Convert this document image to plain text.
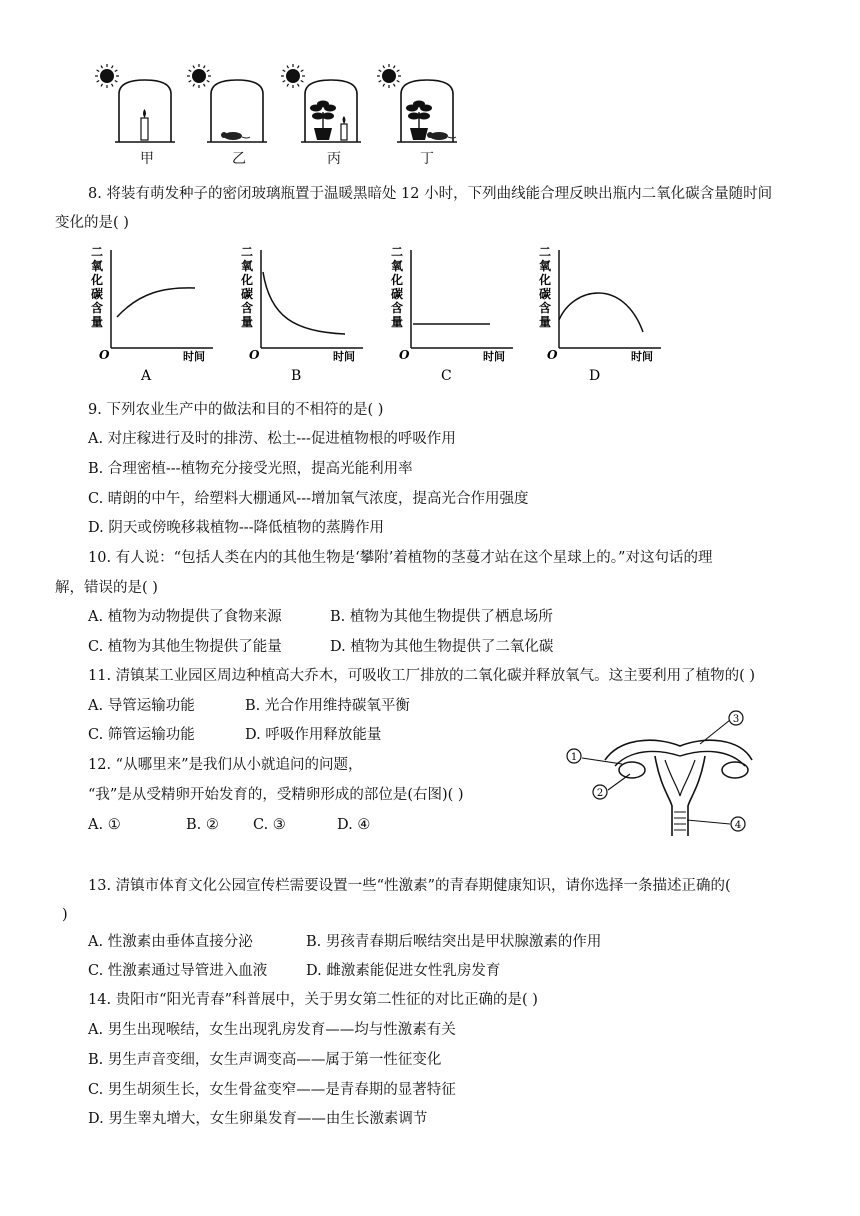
甲	乙	丙	丁
8. 将装有萌发种子的密闭玻璃瓶置于温暖黑暗处 12 小时，下列曲线能合理反映出瓶内二氧化碳含量随时间
变化的是( )
二
氧
化
碳
含
量
O	时间
A
二
氧
化
碳
含
量
O	时间
B
二
氧
化
碳
含
量
O	时间
C
二
氧
化
碳
含
量
O	时间
D
9. 下列农业生产中的做法和目的不相符的是( )
A. 对庄稼进行及时的排涝、松土---促进植物根的呼吸作用
B. 合理密植---植物充分接受光照，提高光能利用率
C. 晴朗的中午，给塑料大棚通风---增加氧气浓度，提高光合作用强度
D. 阴天或傍晚移栽植物---降低植物的蒸腾作用
10. 有人说：“包括人类在内的其他生物是‘攀附’着植物的茎蔓才站在这个星球上的。”对这句话的理
解，错误的是( )
A. 植物为动物提供了食物来源	B. 植物为其他生物提供了栖息场所
C. 植物为其他生物提供了能量	D. 植物为其他生物提供了二氧化碳
11. 清镇某工业园区周边种植高大乔木，可吸收工厂排放的二氧化碳并释放氧气。这主要利用了植物的( )
A. 导管运输功能	B. 光合作用维持碳氧平衡
C. 筛管运输功能	D. 呼吸作用释放能量
12. “从哪里来”是我们从小就追问的问题，
“我”是从受精卵开始发育的，受精卵形成的部位是(右图)( )
A. ①	B. ② C. ③	D. ④
1
2
3
4
13. 清镇市体育文化公园宣传栏需要设置一些“性激素”的青春期健康知识，请你选择一条描述正确的(
)
A. 性激素由垂体直接分泌	B. 男孩青春期后喉结突出是甲状腺激素的作用
C. 性激素通过导管进入血液	D. 雌激素能促进女性乳房发育
14. 贵阳市“阳光青春”科普展中，关于男女第二性征的对比正确的是( )
A. 男生出现喉结，女生出现乳房发育——均与性激素有关
B. 男生声音变细，女生声调变高——属于第一性征变化
C. 男生胡须生长，女生骨盆变窄——是青春期的显著特征
D. 男生睾丸增大，女生卵巢发育——由生长激素调节
